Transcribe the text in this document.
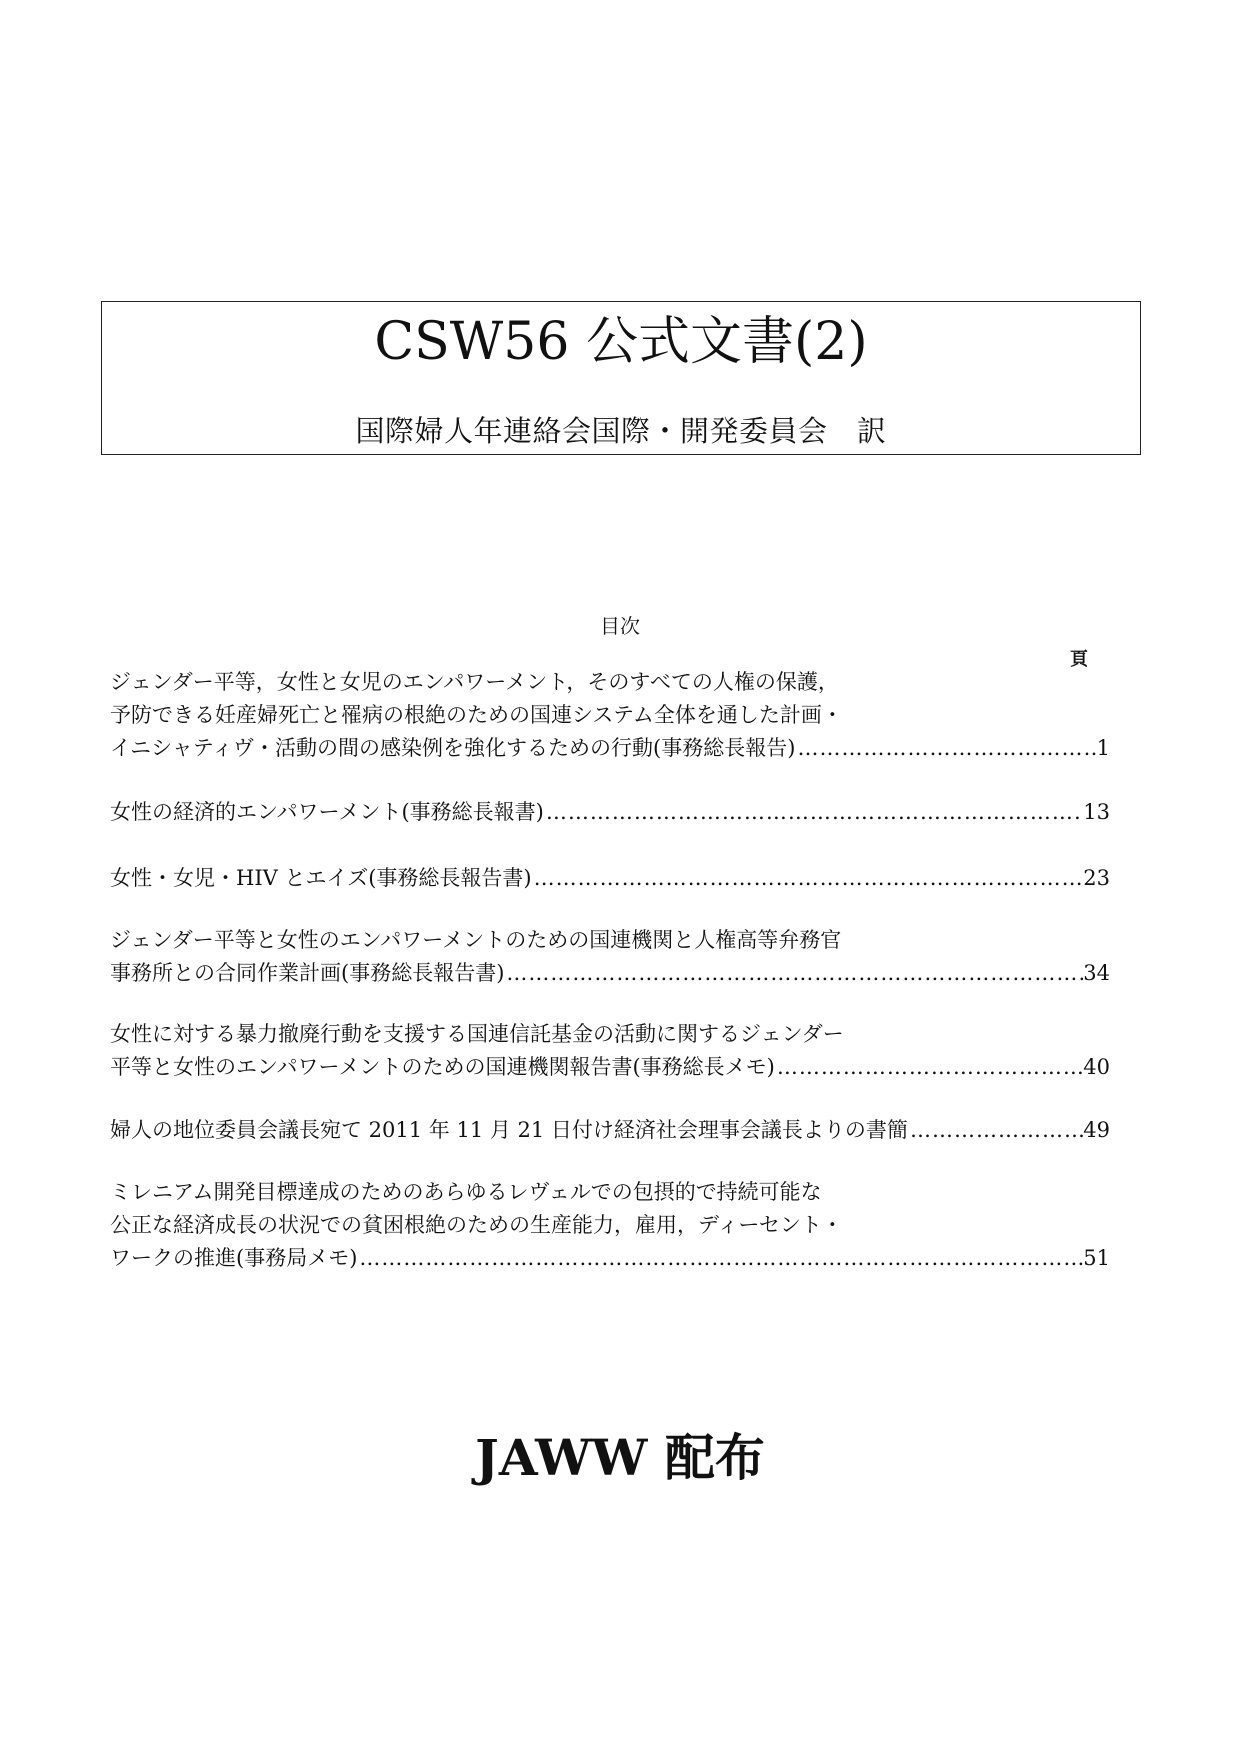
CSW56 公式文書(2)
国際婦人年連絡会国際・開発委員会　訳
目次
頁
ジェンダー平等，女性と女児のエンパワーメント，そのすべての人権の保護，
予防できる妊産婦死亡と罹病の根絶のための国連システム全体を通した計画・
イニシャティヴ・活動の間の感染例を強化するための行動(事務総長報告) ……………………………………………………………………………………………………………………………………………………………………………………………	1
女性の経済的エンパワーメント(事務総長報書) ……………………………………………………………………………………………………………………………………………………………………………………………	13
女性・女児・HIV とエイズ(事務総長報告書) ……………………………………………………………………………………………………………………………………………………………………………………………	23
ジェンダー平等と女性のエンパワーメントのための国連機関と人権高等弁務官
事務所との合同作業計画(事務総長報告書) ……………………………………………………………………………………………………………………………………………………………………………………………	34
女性に対する暴力撤廃行動を支援する国連信託基金の活動に関するジェンダー
平等と女性のエンパワーメントのための国連機関報告書(事務総長メモ) ……………………………………………………………………………………………………………………………………………………………………………………………	40
婦人の地位委員会議長宛て 2011 年 11 月 21 日付け経済社会理事会議長よりの書簡 ……………………………………………………………………………………………………………………………………………………………………………………………	49
ミレニアム開発目標達成のためのあらゆるレヴェルでの包摂的で持続可能な
公正な経済成長の状況での貧困根絶のための生産能力，雇用，ディーセント・
ワークの推進(事務局メモ) ……………………………………………………………………………………………………………………………………………………………………………………………	51
JAWW 配布
